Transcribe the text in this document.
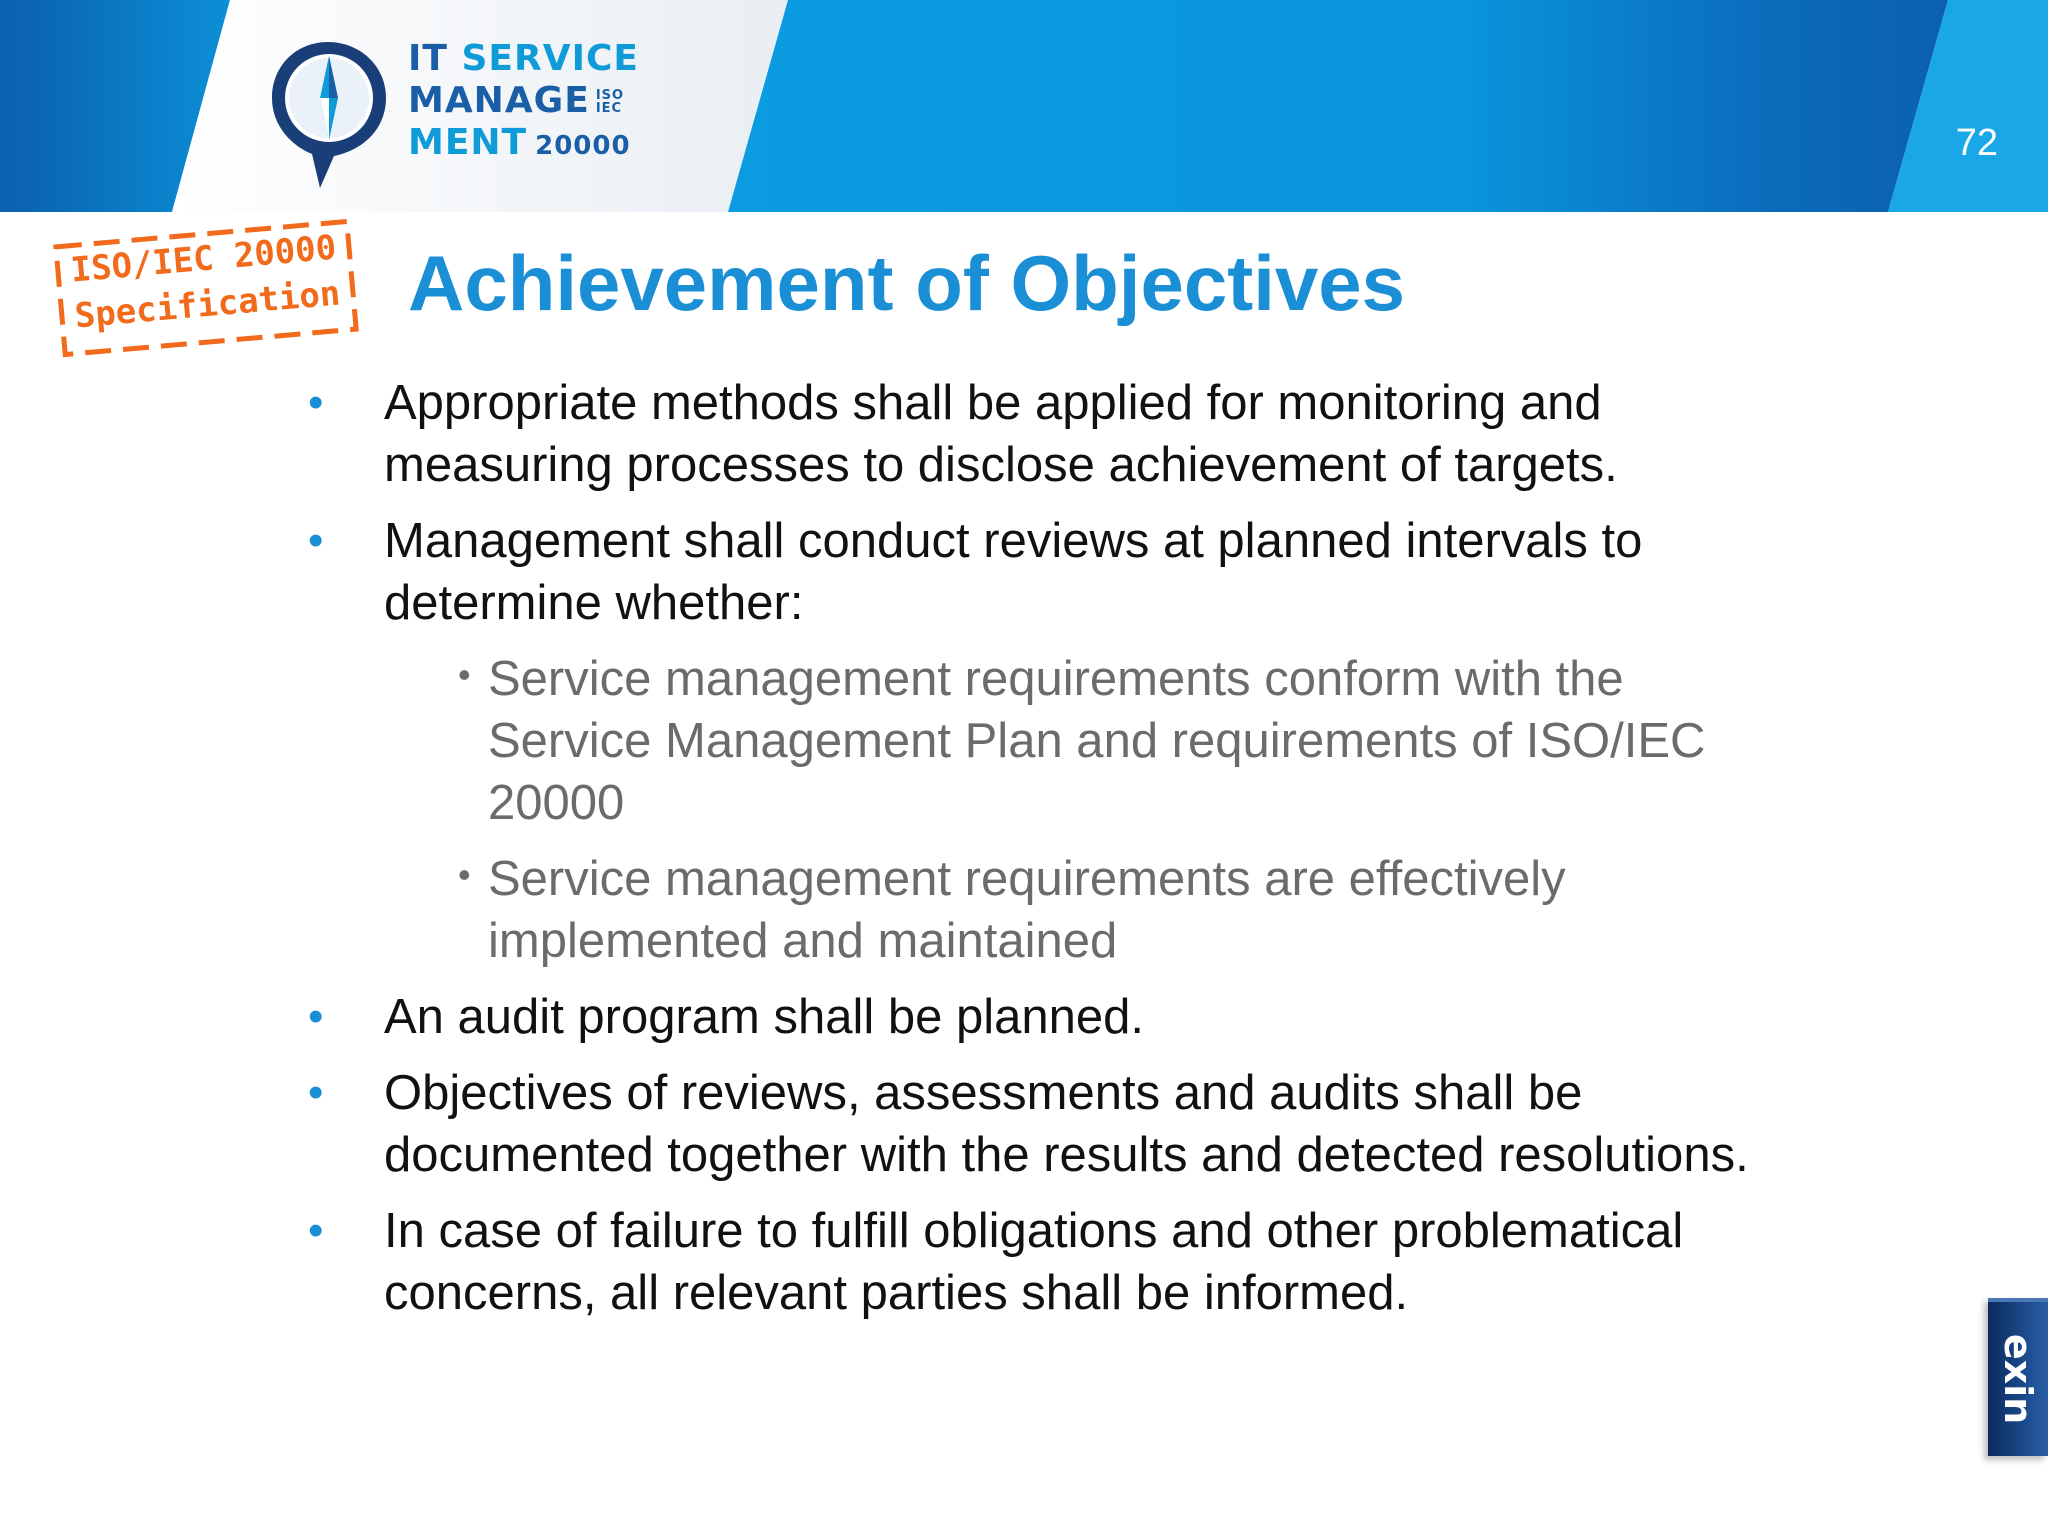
IT SERVICE
MANAGE ISO
IEC
MENT 20000	72
ISO/IEC 20000
Specification Achievement of Objectives
• Appropriate methods shall be applied for monitoring and measuring processes to disclose achievement of targets.
• Management shall conduct reviews at planned intervals to determine whether:
• Service management requirements conform with the Service Management Plan and requirements of ISO/IEC 20000
• Service management requirements are effectively implemented and maintained
• An audit program shall be planned.
• Objectives of reviews, assessments and audits shall be documented together with the results and detected resolutions.
• In case of failure to fulfill obligations and other problematical concerns, all relevant parties shall be informed.
exin
